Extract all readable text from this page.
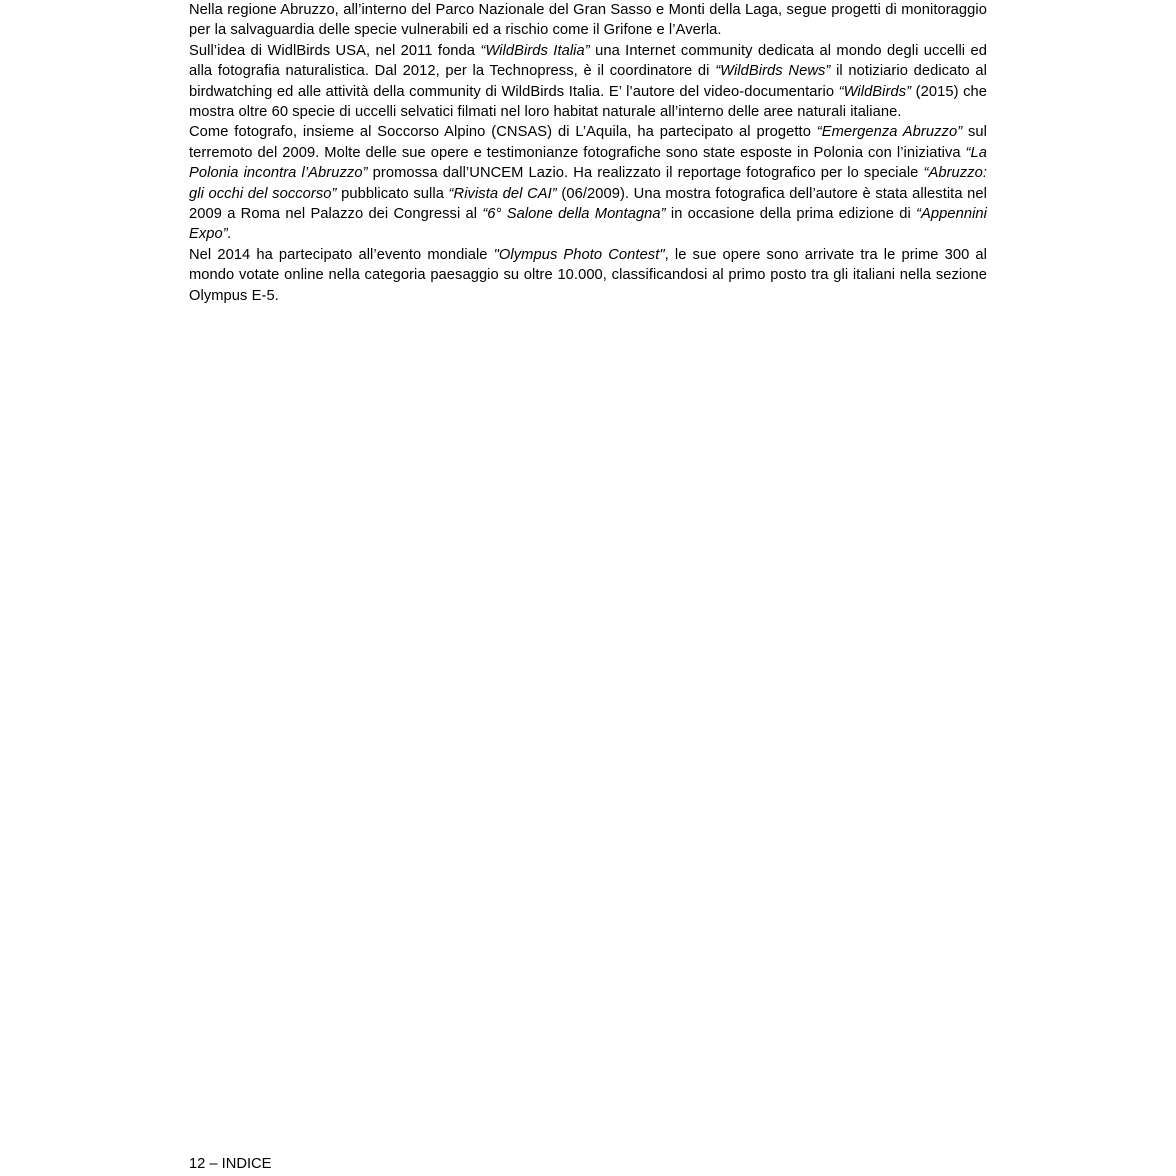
Nella regione Abruzzo, all’interno del Parco Nazionale del Gran Sasso e Monti della Laga, segue progetti di monitoraggio per la salvaguardia delle specie vulnerabili ed a rischio come il Grifone e l’Averla.

Sull’idea di WidlBirds USA, nel 2011 fonda “WildBirds Italia” una Internet community dedicata al mondo degli uccelli ed alla fotografia naturalistica. Dal 2012, per la Technopress, è il coordinatore di “WildBirds News” il notiziario dedicato al birdwatching ed alle attività della community di WildBirds Italia. E’ l’autore del video-documentario “WildBirds” (2015) che mostra oltre 60 specie di uccelli selvatici filmati nel loro habitat naturale all’interno delle aree naturali italiane.

Come fotografo, insieme al Soccorso Alpino (CNSAS) di L’Aquila, ha partecipato al progetto “Emergenza Abruzzo” sul terremoto del 2009. Molte delle sue opere e testimonianze fotografiche sono state esposte in Polonia con l’iniziativa “La Polonia incontra l’Abruzzo” promossa dall’UNCEM Lazio. Ha realizzato il reportage fotografico per lo speciale “Abruzzo: gli occhi del soccorso” pubblicato sulla “Rivista del CAI” (06/2009). Una mostra fotografica dell’autore è stata allestita nel 2009 a Roma nel Palazzo dei Congressi al “6° Salone della Montagna” in occasione della prima edizione di “Appennini Expo”.

Nel 2014 ha partecipato all’evento mondiale "Olympus Photo Contest", le sue opere sono arrivate tra le prime 300 al mondo votate online nella categoria paesaggio su oltre 10.000, classificandosi al primo posto tra gli italiani nella sezione Olympus E-5.

12 – INDICE
